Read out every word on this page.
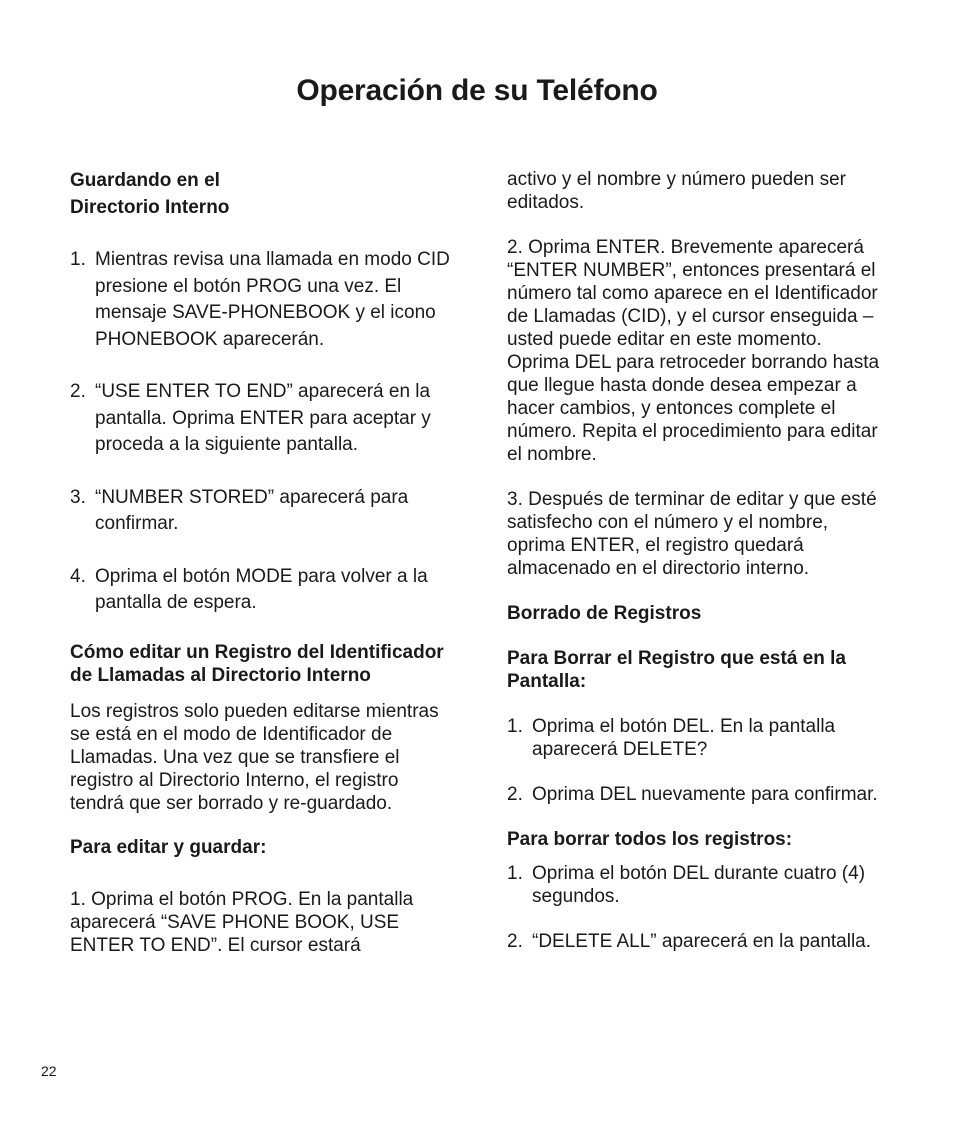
Operación de su Teléfono
Guardando en el
Directorio Interno
1. Mientras revisa una llamada en modo CID presione el botón PROG una vez. El mensaje SAVE-PHONEBOOK y el icono PHONEBOOK aparecerán.
2. “USE ENTER TO END” aparecerá en la pantalla. Oprima ENTER para aceptar y proceda a la siguiente pantalla.
3. “NUMBER STORED” aparecerá para confirmar.
4. Oprima el botón MODE para volver a la pantalla de espera.

Cómo editar un Registro del Identificador de Llamadas al Directorio Interno

Los registros solo pueden editarse mientras se está en el modo de Identificador de Llamadas. Una vez que se transfiere el registro al Directorio Interno, el registro tendrá que ser borrado y re-guardado.

Para editar y guardar:

1. Oprima el botón PROG. En la pantalla aparecerá “SAVE PHONE BOOK, USE ENTER TO END”. El cursor estará

activo y el nombre y número pueden ser editados.

2. Oprima ENTER. Brevemente aparecerá “ENTER NUMBER”, entonces presentará el número tal como aparece en el Identificador de Llamadas (CID), y el cursor enseguida – usted puede editar en este momento. Oprima DEL para retroceder borrando hasta que llegue hasta donde desea empezar a hacer cambios, y entonces complete el número. Repita el procedimiento para editar el nombre.

3. Después de terminar de editar y que esté satisfecho con el número y el nombre, oprima ENTER, el registro quedará almacenado en el directorio interno.

Borrado de Registros

Para Borrar el Registro que está en la Pantalla:

1. Oprima el botón DEL. En la pantalla aparecerá DELETE?
2. Oprima DEL nuevamente para confirmar.

Para borrar todos los registros:

1. Oprima el botón DEL durante cuatro (4) segundos.
2. “DELETE ALL” aparecerá en la pantalla.

22
